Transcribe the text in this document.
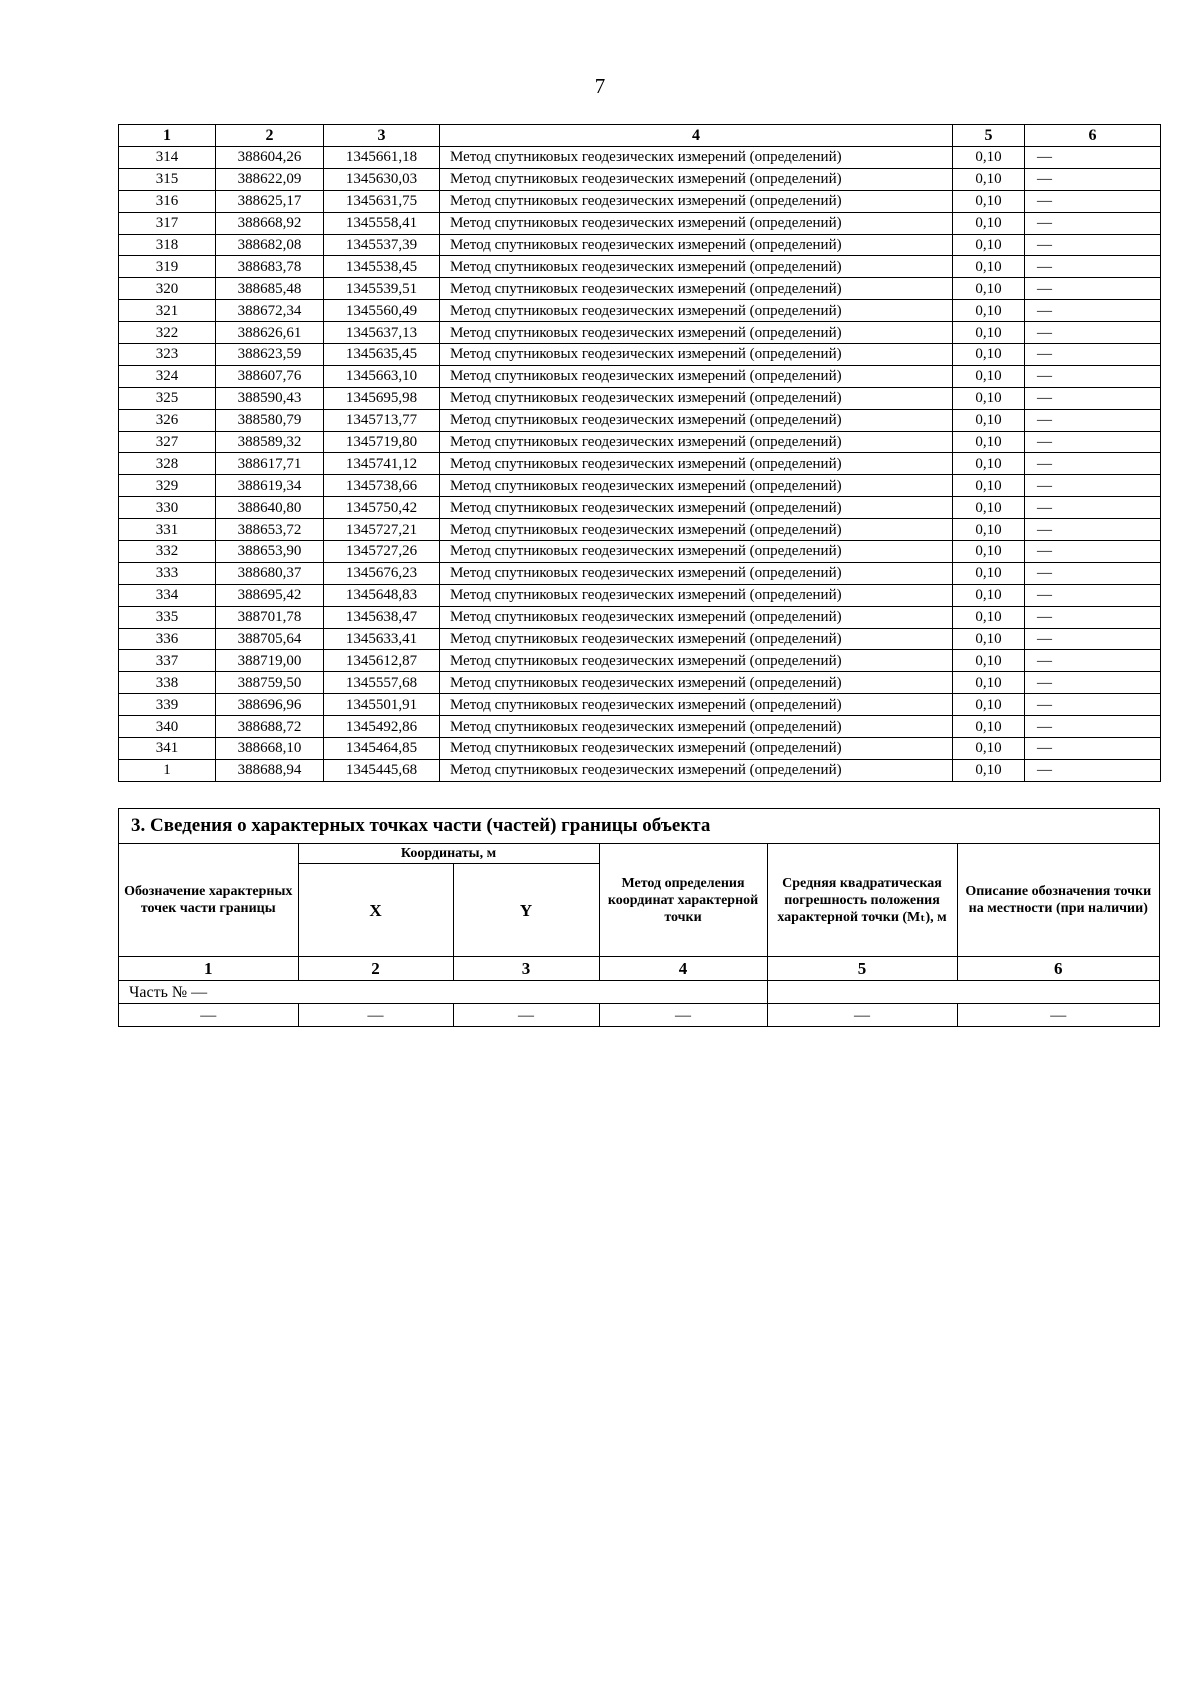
7
1	2	3	4	5	6
314	388604,26	1345661,18	Метод спутниковых геодезических измерений (определений)	0,10	—
315	388622,09	1345630,03	Метод спутниковых геодезических измерений (определений)	0,10	—
316	388625,17	1345631,75	Метод спутниковых геодезических измерений (определений)	0,10	—
317	388668,92	1345558,41	Метод спутниковых геодезических измерений (определений)	0,10	—
318	388682,08	1345537,39	Метод спутниковых геодезических измерений (определений)	0,10	—
319	388683,78	1345538,45	Метод спутниковых геодезических измерений (определений)	0,10	—
320	388685,48	1345539,51	Метод спутниковых геодезических измерений (определений)	0,10	—
321	388672,34	1345560,49	Метод спутниковых геодезических измерений (определений)	0,10	—
322	388626,61	1345637,13	Метод спутниковых геодезических измерений (определений)	0,10	—
323	388623,59	1345635,45	Метод спутниковых геодезических измерений (определений)	0,10	—
324	388607,76	1345663,10	Метод спутниковых геодезических измерений (определений)	0,10	—
325	388590,43	1345695,98	Метод спутниковых геодезических измерений (определений)	0,10	—
326	388580,79	1345713,77	Метод спутниковых геодезических измерений (определений)	0,10	—
327	388589,32	1345719,80	Метод спутниковых геодезических измерений (определений)	0,10	—
328	388617,71	1345741,12	Метод спутниковых геодезических измерений (определений)	0,10	—
329	388619,34	1345738,66	Метод спутниковых геодезических измерений (определений)	0,10	—
330	388640,80	1345750,42	Метод спутниковых геодезических измерений (определений)	0,10	—
331	388653,72	1345727,21	Метод спутниковых геодезических измерений (определений)	0,10	—
332	388653,90	1345727,26	Метод спутниковых геодезических измерений (определений)	0,10	—
333	388680,37	1345676,23	Метод спутниковых геодезических измерений (определений)	0,10	—
334	388695,42	1345648,83	Метод спутниковых геодезических измерений (определений)	0,10	—
335	388701,78	1345638,47	Метод спутниковых геодезических измерений (определений)	0,10	—
336	388705,64	1345633,41	Метод спутниковых геодезических измерений (определений)	0,10	—
337	388719,00	1345612,87	Метод спутниковых геодезических измерений (определений)	0,10	—
338	388759,50	1345557,68	Метод спутниковых геодезических измерений (определений)	0,10	—
339	388696,96	1345501,91	Метод спутниковых геодезических измерений (определений)	0,10	—
340	388688,72	1345492,86	Метод спутниковых геодезических измерений (определений)	0,10	—
341	388668,10	1345464,85	Метод спутниковых геодезических измерений (определений)	0,10	—
1	388688,94	1345445,68	Метод спутниковых геодезических измерений (определений)	0,10	—
3. Сведения о характерных точках части (частей) границы объекта
Обозначение характерных точек части границы	Координаты, м		Метод определения координат характерной точки	Средняя квадратическая погрешность положения характерной точки (Mₜ), м	Описание обозначения точки на местности (при наличии)
	X	Y			
1	2	3	4	5	6
Часть № —					
—	—	—	—	—	—
